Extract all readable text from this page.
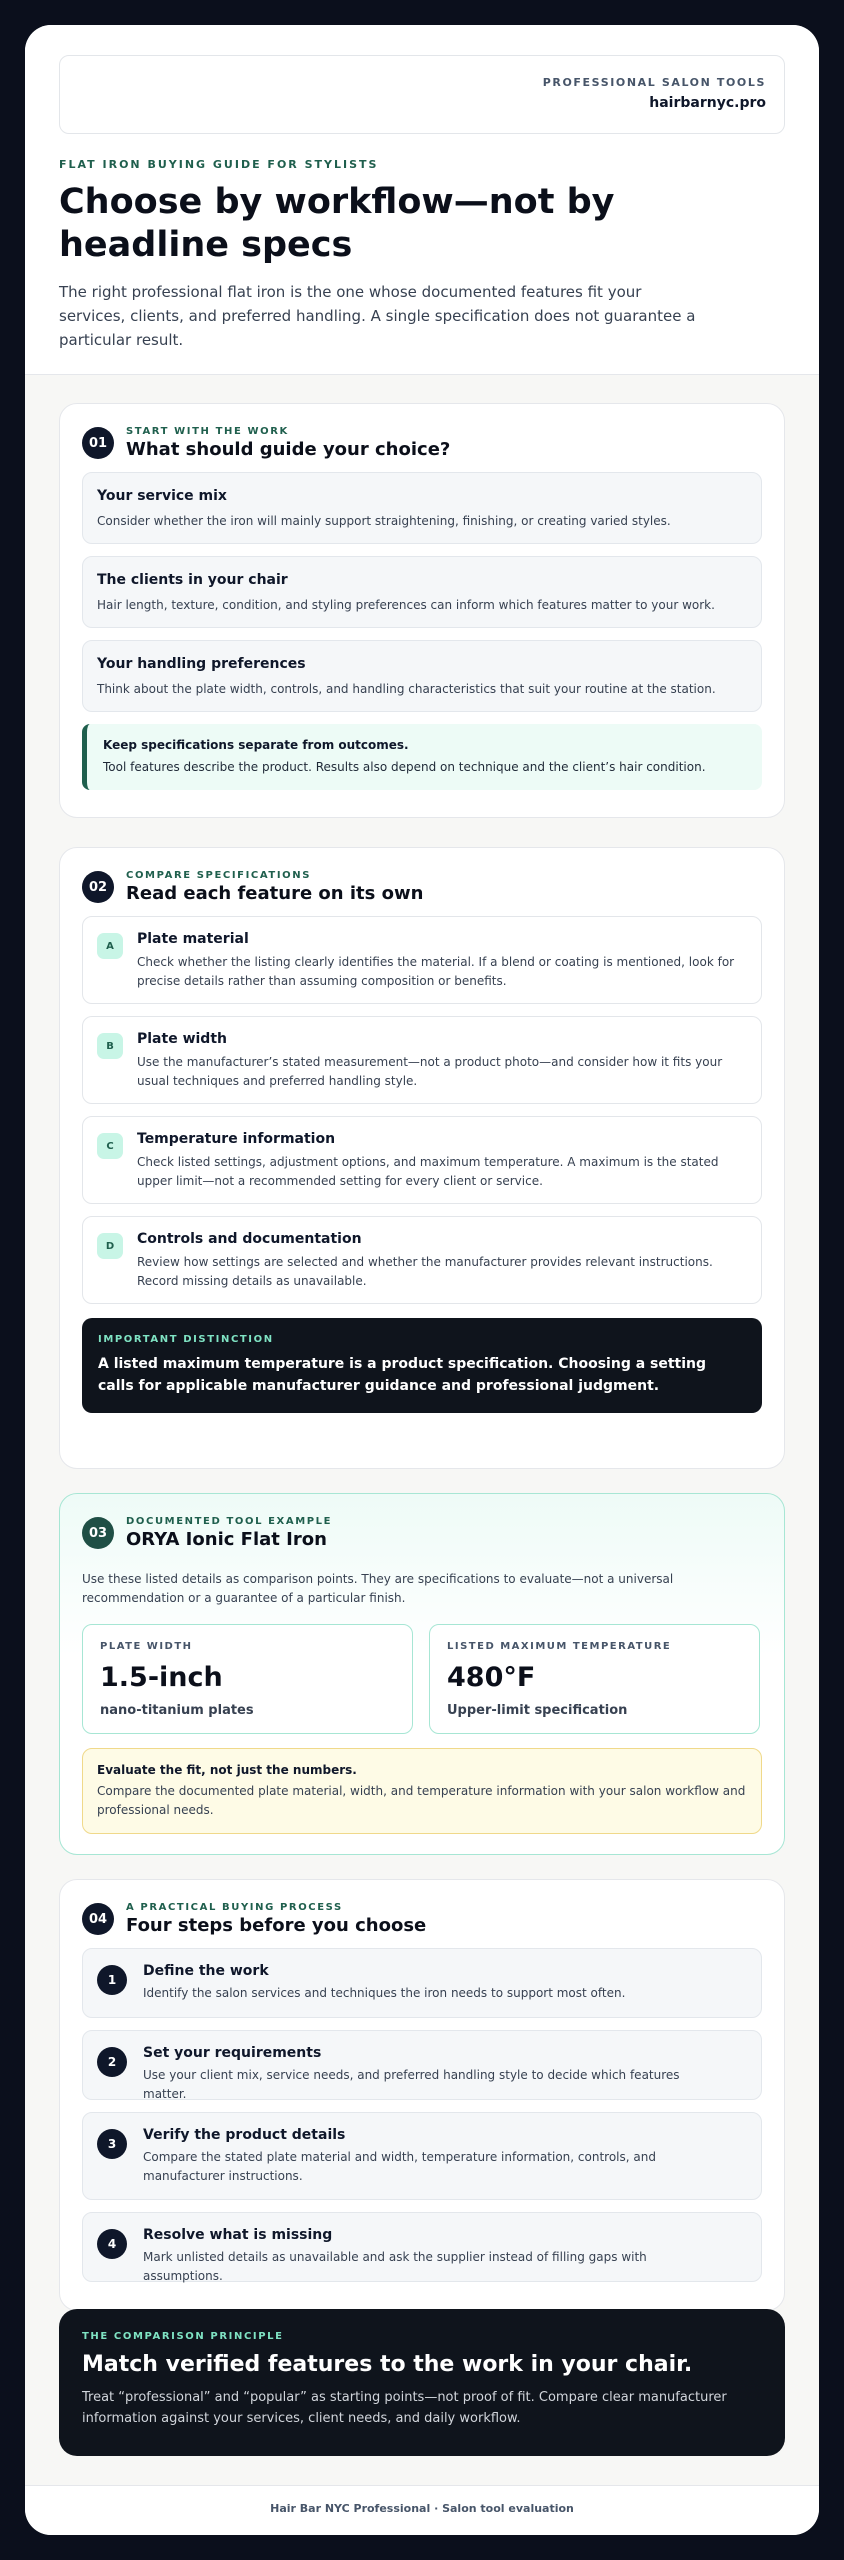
PROFESSIONAL SALON TOOLS
hairbarnyc.pro
FLAT IRON BUYING GUIDE FOR STYLISTS
Choose by workflow—not by headline specs

The right professional flat iron is the one whose documented features fit your services, clients, and preferred handling. A single specification does not guarantee a particular result.

01
START WITH THE WORK
What should guide your choice?
Your service mix
Consider whether the iron will mainly support straightening, finishing, or creating varied styles.
The clients in your chair
Hair length, texture, condition, and styling preferences can inform which features matter to your work.
Your handling preferences
Think about the plate width, controls, and handling characteristics that suit your routine at the station.
Keep specifications separate from outcomes.
Tool features describe the product. Results also depend on technique and the client’s hair condition.
02
COMPARE SPECIFICATIONS
Read each feature on its own
A	Plate material
Check whether the listing clearly identifies the material. If a blend or coating is mentioned, look for precise details rather than assuming composition or benefits.
B	Plate width
Use the manufacturer’s stated measurement—not a product photo—and consider how it fits your usual techniques and preferred handling style.
C	Temperature information
Check listed settings, adjustment options, and maximum temperature. A maximum is the stated upper limit—not a recommended setting for every client or service.
D	Controls and documentation
Review how settings are selected and whether the manufacturer provides relevant instructions. Record missing details as unavailable.
IMPORTANT DISTINCTION
A listed maximum temperature is a product specification. Choosing a setting calls for applicable manufacturer guidance and professional judgment.
03
DOCUMENTED TOOL EXAMPLE
ORYA Ionic Flat Iron

Use these listed details as comparison points. They are specifications to evaluate—not a universal recommendation or a guarantee of a particular finish.

PLATE WIDTH
1.5-inch
nano-titanium plates
LISTED MAXIMUM TEMPERATURE
480°F
Upper-limit specification
Evaluate the fit, not just the numbers.
Compare the documented plate material, width, and temperature information with your salon workflow and professional needs.
04
A PRACTICAL BUYING PROCESS
Four steps before you choose
1
Define the work
Identify the salon services and techniques the iron needs to support most often.
2
Set your requirements
Use your client mix, service needs, and preferred handling style to decide which features matter.
3
Verify the product details
Compare the stated plate material and width, temperature information, controls, and manufacturer instructions.
4
Resolve what is missing
Mark unlisted details as unavailable and ask the supplier instead of filling gaps with assumptions.
THE COMPARISON PRINCIPLE
Match verified features to the work in your chair.

Treat “professional” and “popular” as starting points—not proof of fit. Compare clear manufacturer information against your services, client needs, and daily workflow.

Hair Bar NYC Professional · Salon tool evaluation
